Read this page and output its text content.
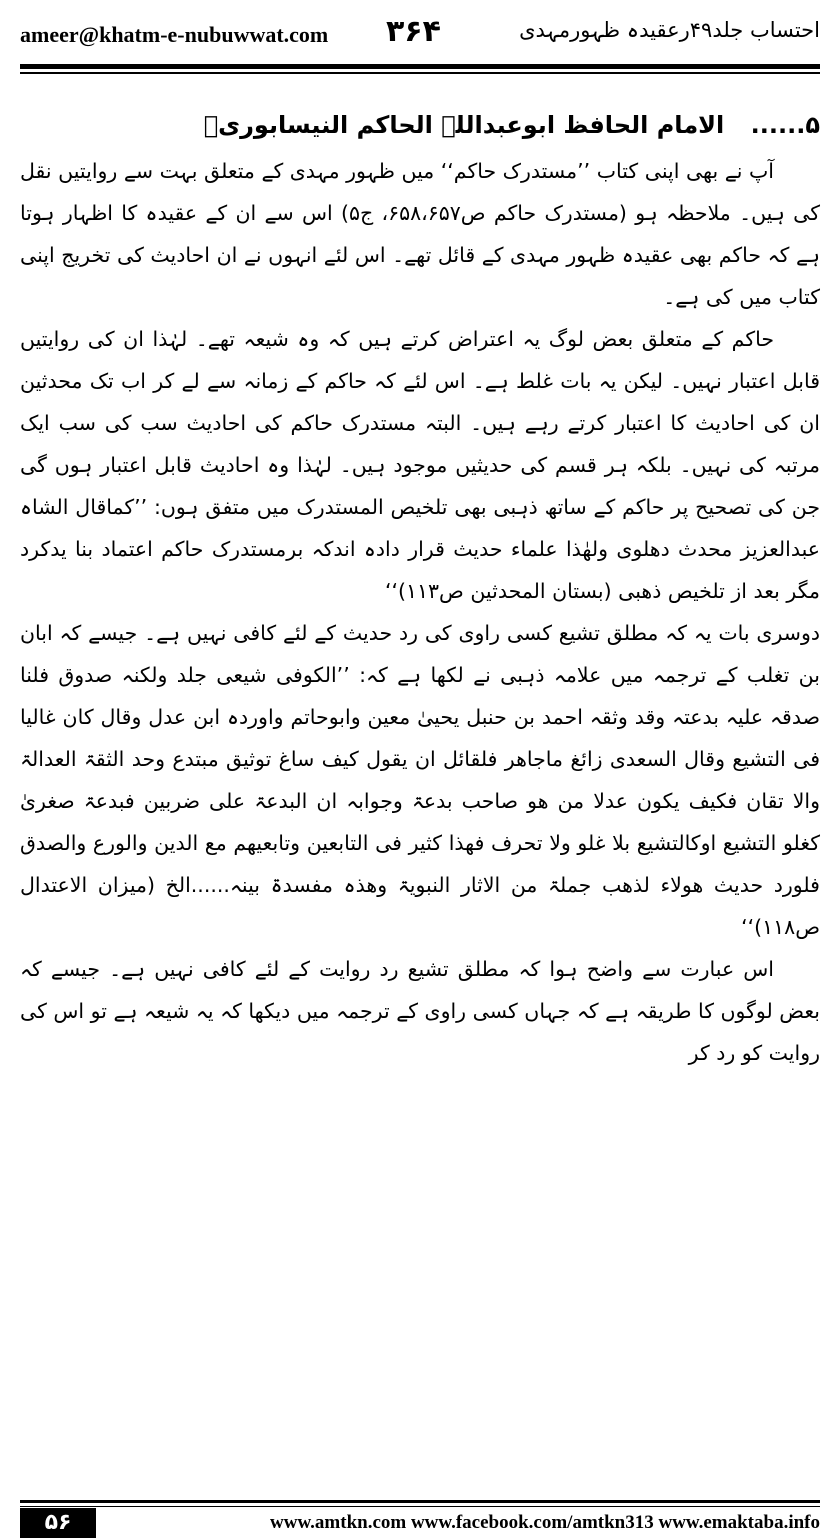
ameer@khatm-e-nubuwwat.com ۳۶۴	احتساب جلد۴۹رعقیدہ ظہورمہدی
۵...... الامام الحافظ ابوعبداللہ الحاکم النیسابوریؒ

آپ نے بھی اپنی کتاب ’’مستدرک حاکم‘‘ میں ظہور مہدی کے متعلق بہت سے روایتیں نقل کی ہیں۔ ملاحظہ ہو (مستدرک حاکم ص۶۵۸،۶۵۷، ج۵) اس سے ان کے عقیدہ کا اظہار ہوتا ہے کہ حاکم بھی عقیدہ ظہور مہدی کے قائل تھے۔ اس لئے انہوں نے ان احادیث کی تخریج اپنی کتاب میں کی ہے۔

حاکم کے متعلق بعض لوگ یہ اعتراض کرتے ہیں کہ وہ شیعہ تھے۔ لہٰذا ان کی روایتیں قابل اعتبار نہیں۔ لیکن یہ بات غلط ہے۔ اس لئے کہ حاکم کے زمانہ سے لے کر اب تک محدثین ان کی احادیث کا اعتبار کرتے رہے ہیں۔ البتہ مستدرک حاکم کی احادیث سب کی سب ایک مرتبہ کی نہیں۔ بلکہ ہر قسم کی حدیثیں موجود ہیں۔ لہٰذا وہ احادیث قابل اعتبار ہوں گی جن کی تصحیح پر حاکم کے ساتھ ذہبی بھی تلخیص المستدرک میں متفق ہوں: ’’کماقال الشاہ عبدالعزیز محدث دھلوی ولھٰذا علماء حدیث قرار دادہ اندکہ برمستدرک حاکم اعتماد بنا یدکرد مگر بعد از تلخیص ذھبی (بستان المحدثین ص۱۱۳)‘‘

دوسری بات یہ کہ مطلق تشیع کسی راوی کی رد حدیث کے لئے کافی نہیں ہے۔ جیسے کہ ابان بن تغلب کے ترجمہ میں علامہ ذہبی نے لکھا ہے کہ: ’’الکوفی شیعی جلد ولکنہ صدوق فلنا صدقہ علیہ بدعتہ وقد وثقہ احمد بن حنبل یحییٰ معین وابوحاتم واوردہ ابن عدل وقال کان غالیا فی التشیع وقال السعدی زائغ ماجاھر فلقائل ان یقول کیف ساغ توثیق مبتدع وحد الثقۃ العدالۃ والا تقان فکیف یکون عدلا من ھو صاحب بدعۃ وجوابہ ان البدعۃ علی ضربین فبدعۃ صغریٰ کغلو التشیع اوکالتشیع بلا غلو ولا تحرف فھذا کثیر فی التابعین وتابعیھم مع الدین والورع والصدق فلورد حدیث ھولاء لذھب جملۃ من الاثار النبویۃ وھذہ مفسدۃ بینہ......الخ (میزان الاعتدال ص۱۱۸)‘‘

اس عبارت سے واضح ہوا کہ مطلق تشیع رد روایت کے لئے کافی نہیں ہے۔ جیسے کہ بعض لوگوں کا طریقہ ہے کہ جہاں کسی راوی کے ترجمہ میں دیکھا کہ یہ شیعہ ہے تو اس کی روایت کو رد کر

۵۶	www.amtkn.com www.facebook.com/amtkn313 www.emaktaba.info
